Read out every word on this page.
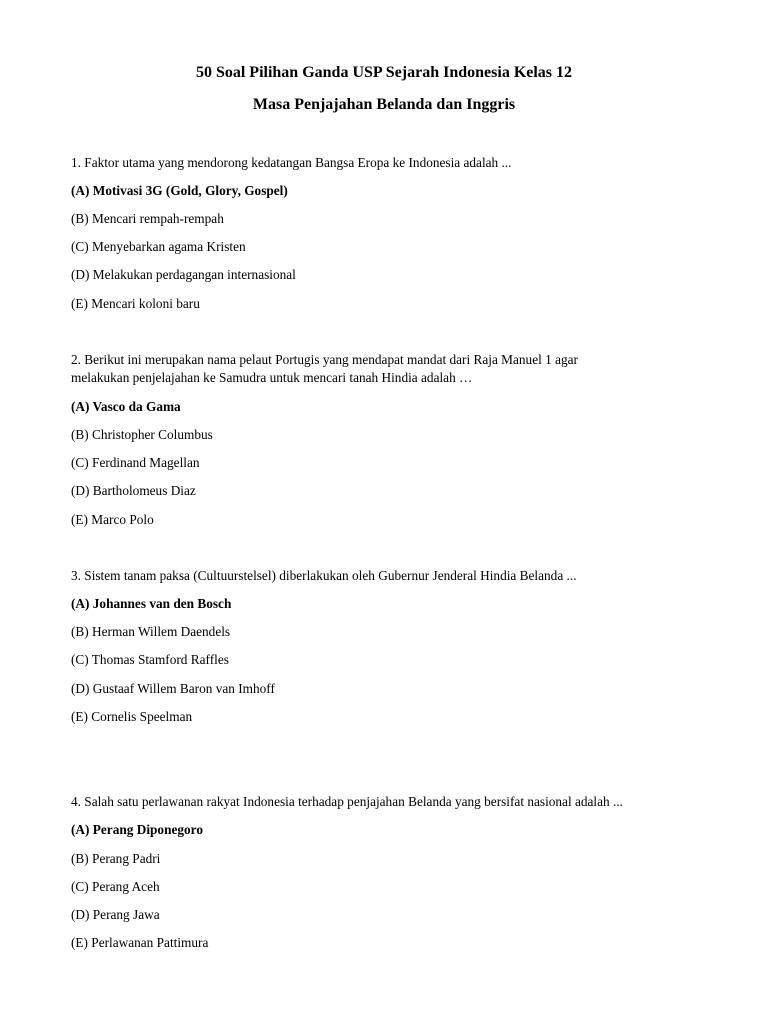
50 Soal Pilihan Ganda USP Sejarah Indonesia Kelas 12
Masa Penjajahan Belanda dan Inggris

1. Faktor utama yang mendorong kedatangan Bangsa Eropa ke Indonesia adalah ...

(A) Motivasi 3G (Gold, Glory, Gospel)

(B) Mencari rempah-rempah

(C) Menyebarkan agama Kristen

(D) Melakukan perdagangan internasional

(E) Mencari koloni baru

2. Berikut ini merupakan nama pelaut Portugis yang mendapat mandat dari Raja Manuel 1 agar

melakukan penjelajahan ke Samudra untuk mencari tanah Hindia adalah …

(A) Vasco da Gama

(B) Christopher Columbus

(C) Ferdinand Magellan

(D) Bartholomeus Diaz

(E) Marco Polo

3. Sistem tanam paksa (Cultuurstelsel) diberlakukan oleh Gubernur Jenderal Hindia Belanda ...

(A) Johannes van den Bosch

(B) Herman Willem Daendels

(C) Thomas Stamford Raffles

(D) Gustaaf Willem Baron van Imhoff

(E) Cornelis Speelman

4. Salah satu perlawanan rakyat Indonesia terhadap penjajahan Belanda yang bersifat nasional adalah ...

(A) Perang Diponegoro

(B) Perang Padri

(C) Perang Aceh

(D) Perang Jawa

(E) Perlawanan Pattimura
